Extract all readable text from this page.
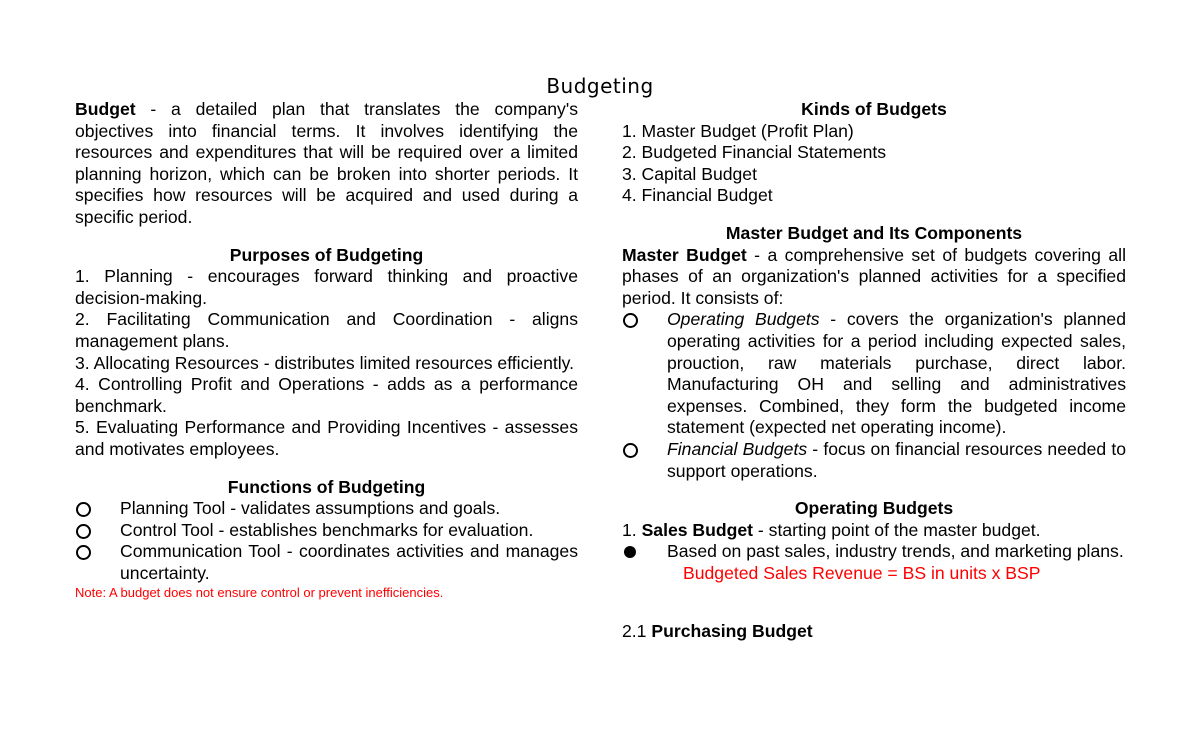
Budgeting

Budget - a detailed plan that translates the company's objectives into financial terms. It involves identifying the resources and expenditures that will be required over a limited planning horizon, which can be broken into shorter periods. It specifies how resources will be acquired and used during a specific period.

Purposes of Budgeting

1. Planning - encourages forward thinking and proactive decision-making.

2. Facilitating Communication and Coordination - aligns management plans.

3. Allocating Resources - distributes limited resources efficiently.

4. Controlling Profit and Operations - adds as a performance benchmark.

5. Evaluating Performance and Providing Incentives - assesses and motivates employees.

Functions of Budgeting

Planning Tool - validates assumptions and goals.
Control Tool - establishes benchmarks for evaluation.
Communication Tool - coordinates activities and manages uncertainty.

Note: A budget does not ensure control or prevent inefficiencies.

Kinds of Budgets

1. Master Budget (Profit Plan)

2. Budgeted Financial Statements

3. Capital Budget

4. Financial Budget

Master Budget and Its Components

Master Budget - a comprehensive set of budgets covering all phases of an organization's planned activities for a specified period. It consists of:

Operating Budgets - covers the organization's planned operating activities for a period including expected sales, prouction, raw materials purchase, direct labor. Manufacturing OH and selling and administratives expenses. Combined, they form the budgeted income statement (expected net operating income).
Financial Budgets - focus on financial resources needed to support operations.

Operating Budgets

1. Sales Budget - starting point of the master budget.

Based on past sales, industry trends, and marketing plans.

Budgeted Sales Revenue = BS in units x BSP

2.1 Purchasing Budget
